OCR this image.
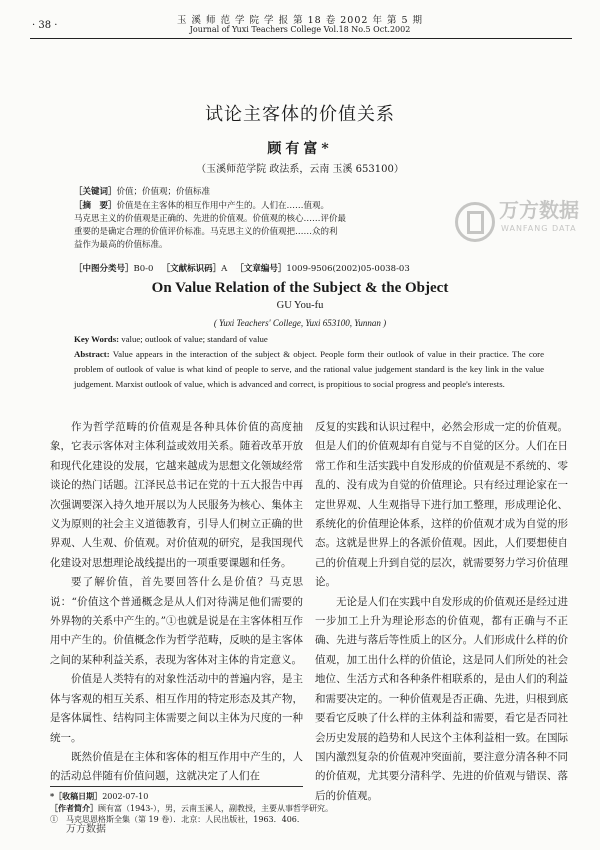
· 38 ·	玉 溪 师 范 学 院 学 报 第 18 卷 2002 年 第 5 期
Journal of Yuxi Teachers College Vol.18 No.5 Oct.2002
试论主客体的价值关系
顾有富*
（玉溪师范学院 政法系，云南 玉溪 653100）
［关键词］价值；价值观；价值标准
［摘　要］价值是在主客体的相互作用中产生的。人们在……值观。
马克思主义的价值观是正确的、先进的价值观。价值观的核心……评价最
重要的是确定合理的价值评价标准。马克思主义的价值观把……众的利
益作为最高的价值标准。
［中图分类号］B0-0 ［文献标识码］A ［文章编号］1009-9506(2002)05-0038-03
万方数据
WANFANG DATA
On Value Relation of the Subject & the Object
GU You-fu
( Yuxi Teachers' College, Yuxi 653100, Yunnan )
Key Words: value; outlook of value; standard of value
Abstract: Value appears in the interaction of the subject & object. People form their outlook of value in their practice. The core problem of outlook of value is what kind of people to serve, and the rational value judgement standard is the key link in the value judgement. Marxist outlook of value, which is advanced and correct, is propitious to social progress and people's interests.

作为哲学范畴的价值观是各种具体价值的高度抽象，它表示客体对主体利益或效用关系。随着改革开放和现代化建设的发展，它越来越成为思想文化领域经常谈论的热门话题。江泽民总书记在党的十五大报告中再次强调要深入持久地开展以为人民服务为核心、集体主义为原则的社会主义道德教育，引导人们树立正确的世界观、人生观、价值观。对价值观的研究，是我国现代化建设对思想理论战线提出的一项重要课题和任务。

要了解价值，首先要回答什么是价值？马克思说：“价值这个普通概念是从人们对待满足他们需要的外界物的关系中产生的。”①也就是说是在主客体相互作用中产生的。价值概念作为哲学范畴，反映的是主客体之间的某种利益关系，表现为客体对主体的肯定意义。

价值是人类特有的对象性活动中的普遍内容，是主体与客观的相互关系、相互作用的特定形态及其产物，是客体属性、结构同主体需要之间以主体为尺度的一种统一。

既然价值是在主体和客体的相互作用中产生的，人的活动总伴随有价值问题，这就决定了人们在

反复的实践和认识过程中，必然会形成一定的价值观。但是人们的价值观却有自觉与不自觉的区分。人们在日常工作和生活实践中自发形成的价值观是不系统的、零乱的、没有成为自觉的价值理论。只有经过理论家在一定世界观、人生观指导下进行加工整理，形成理论化、系统化的价值理论体系，这样的价值观才成为自觉的形态。这就是世界上的各派价值观。因此，人们要想使自己的价值观上升到自觉的层次，就需要努力学习价值理论。

无论是人们在实践中自发形成的价值观还是经过进一步加工上升为理论形态的价值观，都有正确与不正确、先进与落后等性质上的区分。人们形成什么样的价值观，加工出什么样的价值论，这是同人们所处的社会地位、生活方式和各种条件相联系的，是由人们的利益和需要决定的。一种价值观是否正确、先进，归根到底要看它反映了什么样的主体利益和需要，看它是否同社会历史发展的趋势和人民这个主体利益相一致。在国际国内激烈复杂的价值观冲突面前，要注意分清各种不同的价值观，尤其要分清科学、先进的价值观与错误、落后的价值观。

*［收稿日期］2002-07-10
［作者简介］顾有富（1943-），男，云南玉溪人，副教授，主要从事哲学研究。
①　马克思恩格斯全集（第 19 卷）．北京：人民出版社，1963．406．
万方数据
